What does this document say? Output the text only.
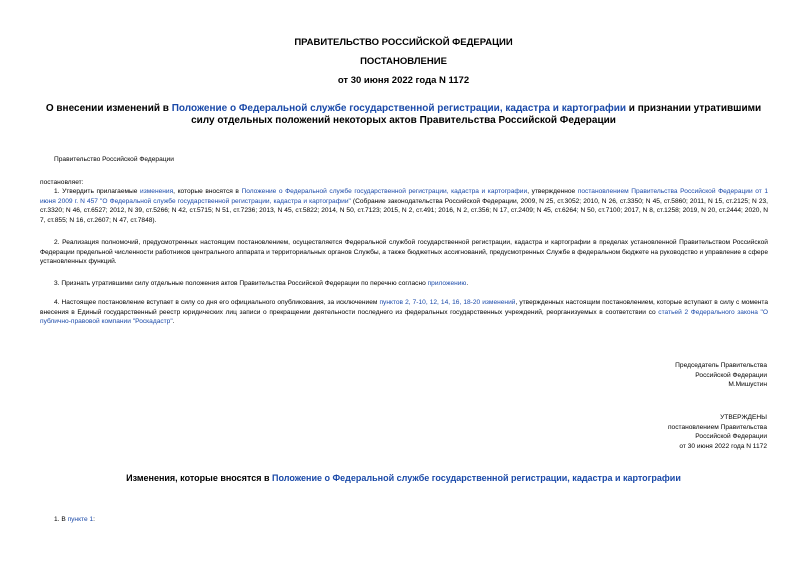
ПРАВИТЕЛЬСТВО РОССИЙСКОЙ ФЕДЕРАЦИИ
ПОСТАНОВЛЕНИЕ
от 30 июня 2022 года N 1172
О внесении изменений в Положение о Федеральной службе государственной регистрации, кадастра и картографии и признании утратившими силу отдельных положений некоторых актов Правительства Российской Федерации
Правительство Российской Федерации
постановляет:
1. Утвердить прилагаемые изменения, которые вносятся в Положение о Федеральной службе государственной регистрации, кадастра и картографии, утвержденное постановлением Правительства Российской Федерации от 1 июня 2009 г. N 457 "О Федеральной службе государственной регистрации, кадастра и картографии" (Собрание законодательства Российской Федерации, 2009, N 25, ст.3052; 2010, N 26, ст.3350; N 45, ст.5860; 2011, N 15, ст.2125; N 23, ст.3320; N 46, ст.6527; 2012, N 39, ст.5266; N 42, ст.5715; N 51, ст.7236; 2013, N 45, ст.5822; 2014, N 50, ст.7123; 2015, N 2, ст.491; 2016, N 2, ст.356; N 17, ст.2409; N 45, ст.6264; N 50, ст.7100; 2017, N 8, ст.1258; 2019, N 20, ст.2444; 2020, N 7, ст.855; N 16, ст.2607; N 47, ст.7848).
2. Реализация полномочий, предусмотренных настоящим постановлением, осуществляется Федеральной службой государственной регистрации, кадастра и картографии в пределах установленной Правительством Российской Федерации предельной численности работников центрального аппарата и территориальных органов Службы, а также бюджетных ассигнований, предусмотренных Службе в федеральном бюджете на руководство и управление в сфере установленных функций.
3. Признать утратившими силу отдельные положения актов Правительства Российской Федерации по перечню согласно приложению.
4. Настоящее постановление вступает в силу со дня его официального опубликования, за исключением пунктов 2, 7-10, 12, 14, 16, 18-20 изменений, утвержденных настоящим постановлением, которые вступают в силу с момента внесения в Единый государственный реестр юридических лиц записи о прекращении деятельности последнего из федеральных государственных учреждений, реорганизуемых в соответствии со статьей 2 Федерального закона "О публично-правовой компании "Роскадастр".
Председатель Правительства
Российской Федерации
М.Мишустин
УТВЕРЖДЕНЫ
постановлением Правительства
Российской Федерации
от 30 июня 2022 года N 1172
Изменения, которые вносятся в Положение о Федеральной службе государственной регистрации, кадастра и картографии
1. В пункте 1:
